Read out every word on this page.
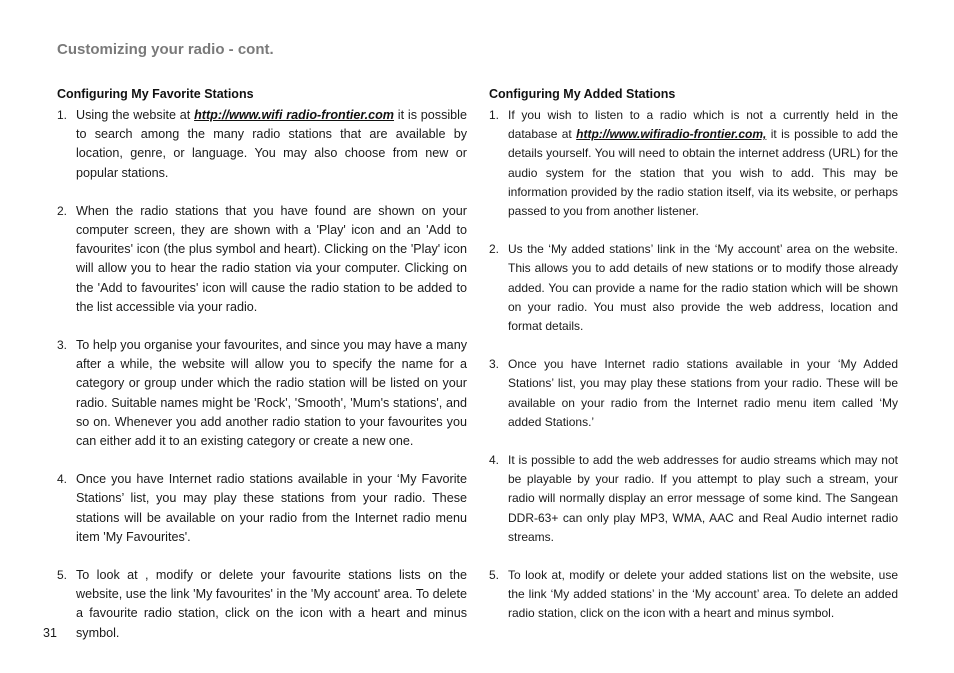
Customizing your radio - cont.
Configuring My Favorite Stations
1. Using the website at http://www.wifi radio-frontier.com it is possible to search among the many radio stations that are available by location, genre, or language. You may also choose from new or popular stations.
2. When the radio stations that you have found are shown on your computer screen, they are shown with a 'Play' icon and an 'Add to favourites' icon (the plus symbol and heart). Clicking on the 'Play' icon will allow you to hear the radio station via your computer. Clicking on the 'Add to favourites' icon will cause the radio station to be added to the list accessible via your radio.
3. To help you organise your favourites, and since you may have a many after a while, the website will allow you to specify the name for a category or group under which the radio station will be listed on your radio. Suitable names might be 'Rock', 'Smooth', 'Mum's stations', and so on. Whenever you add another radio station to your favourites you can either add it to an existing category or create a new one.
4. Once you have Internet radio stations available in your ‘My Favorite Stations’ list, you may play these stations from your radio. These stations will be available on your radio from the Internet radio menu item 'My Favourites'.
5. To look at , modify or delete your favourite stations lists on the website, use the link 'My favourites' in the 'My account' area. To delete a favourite radio station, click on the icon with a heart and minus symbol.
Configuring My Added Stations
1. If you wish to listen to a radio which is not a currently held in the database at http://www.wifiradio-frontier.com, it is possible to add the details yourself. You will need to obtain the internet address (URL) for the audio system for the station that you wish to add. This may be information provided by the radio station itself, via its website, or perhaps passed to you from another listener.
2. Us the ‘My added stations’ link in the ‘My account’ area on the website. This allows you to add details of new stations or to modify those already added. You can provide a name for the radio station which will be shown on your radio. You must also provide the web address, location and format details.
3. Once you have Internet radio stations available in your ‘My Added Stations’ list, you may play these stations from your radio. These will be available on your radio from the Internet radio menu item called ‘My added Stations.’
4. It is possible to add the web addresses for audio streams which may not be playable by your radio. If you attempt to play such a stream, your radio will normally display an error message of some kind. The Sangean DDR-63+ can only play MP3, WMA, AAC and Real Audio internet radio streams.
5. To look at, modify or delete your added stations list on the website, use the link ‘My added stations’ in the ‘My account’ area. To delete an added radio station, click on the icon with a heart and minus symbol.
31
